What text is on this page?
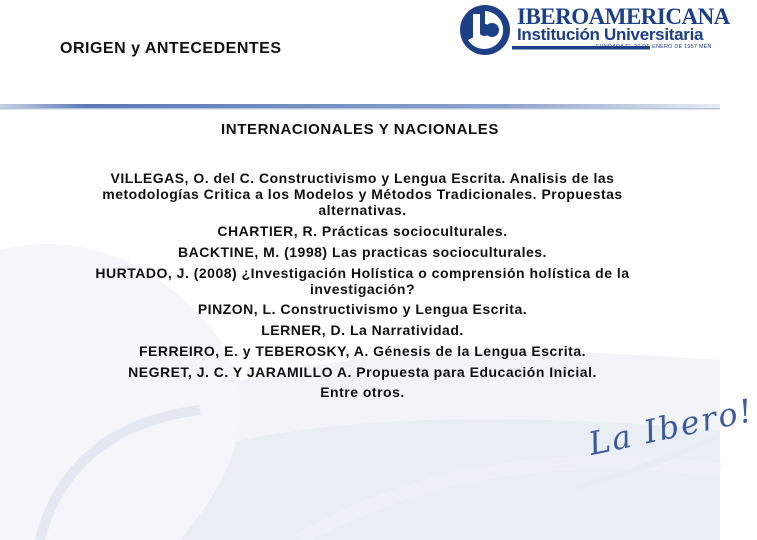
ORIGEN y ANTECEDENTES
IBEROAMERICANA
Institución Universitaria
FUNDADA EL 20 DE ENERO DE 1957 MEN
INTERNACIONALES Y NACIONALES
VILLEGAS, O. del C. Constructivismo y Lengua Escrita. Analisis de las metodologías Critica a los Modelos y Métodos Tradicionales. Propuestas alternativas.
CHARTIER, R. Prácticas socioculturales.
BACKTINE, M. (1998) Las practicas socioculturales.
HURTADO, J. (2008) ¿Investigación Holística o comprensión holística de la investigación?
PINZON, L. Constructivismo y Lengua Escrita.
LERNER, D. La Narratividad.
FERREIRO, E. y TEBEROSKY, A. Génesis de la Lengua Escrita.
NEGRET, J. C. Y JARAMILLO A. Propuesta para Educación Inicial.
Entre otros.	La Ibero!
